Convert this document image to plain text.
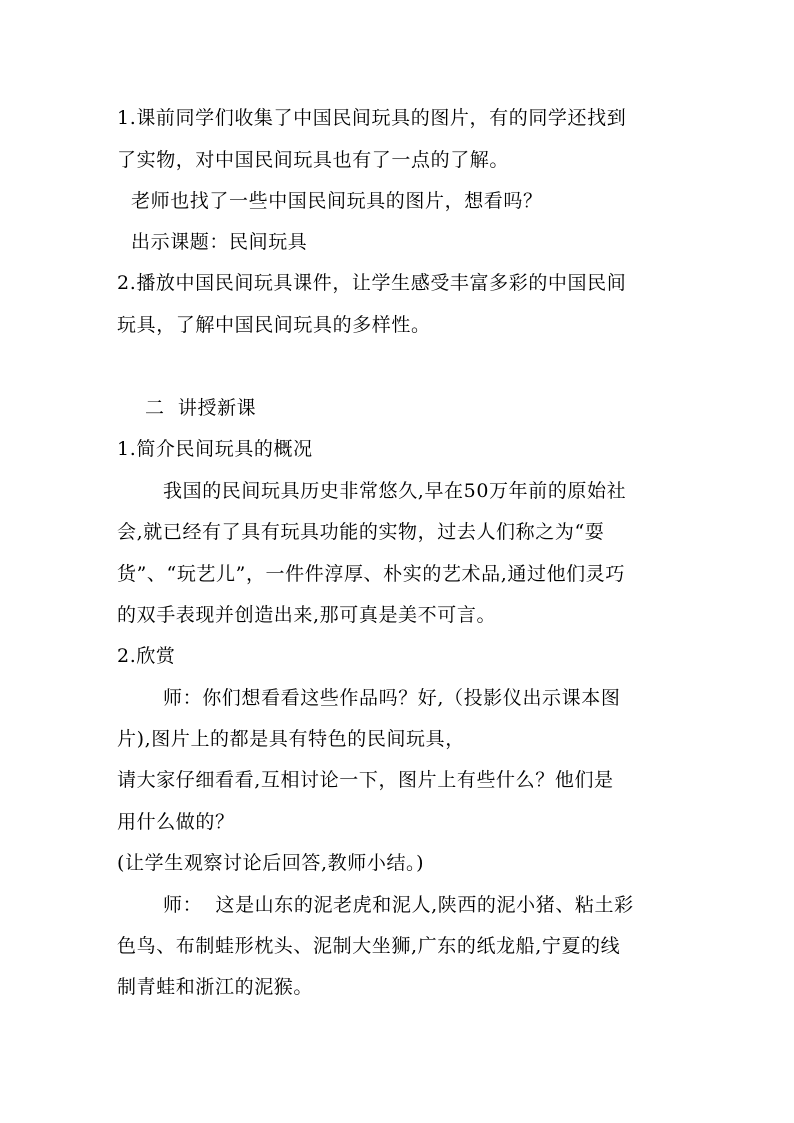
1.课前同学们收集了中国民间玩具的图片，有的同学还找到
了实物，对中国民间玩具也有了一点的了解。
老师也找了一些中国民间玩具的图片，想看吗？
出示课题：民间玩具
2.播放中国民间玩具课件，让学生感受丰富多彩的中国民间
玩具，了解中国民间玩具的多样性。
二  讲授新课
1.简介民间玩具的概况
我国的民间玩具历史非常悠久,早在50万年前的原始社
会,就已经有了具有玩具功能的实物，过去人们称之为“耍
货”、“玩艺儿”，一件件淳厚、朴实的艺术品,通过他们灵巧
的双手表现并创造出来,那可真是美不可言。
2.欣赏
师：你们想看看这些作品吗？好,（投影仪出示课本图
片),图片上的都是具有特色的民间玩具，
请大家仔细看看,互相讨论一下，图片上有些什么？他们是
用什么做的？
(让学生观察讨论后回答,教师小结。)
师：  这是山东的泥老虎和泥人,陕西的泥小猪、粘土彩
色鸟、布制蛙形枕头、泥制大坐狮,广东的纸龙船,宁夏的线
制青蛙和浙江的泥猴。
